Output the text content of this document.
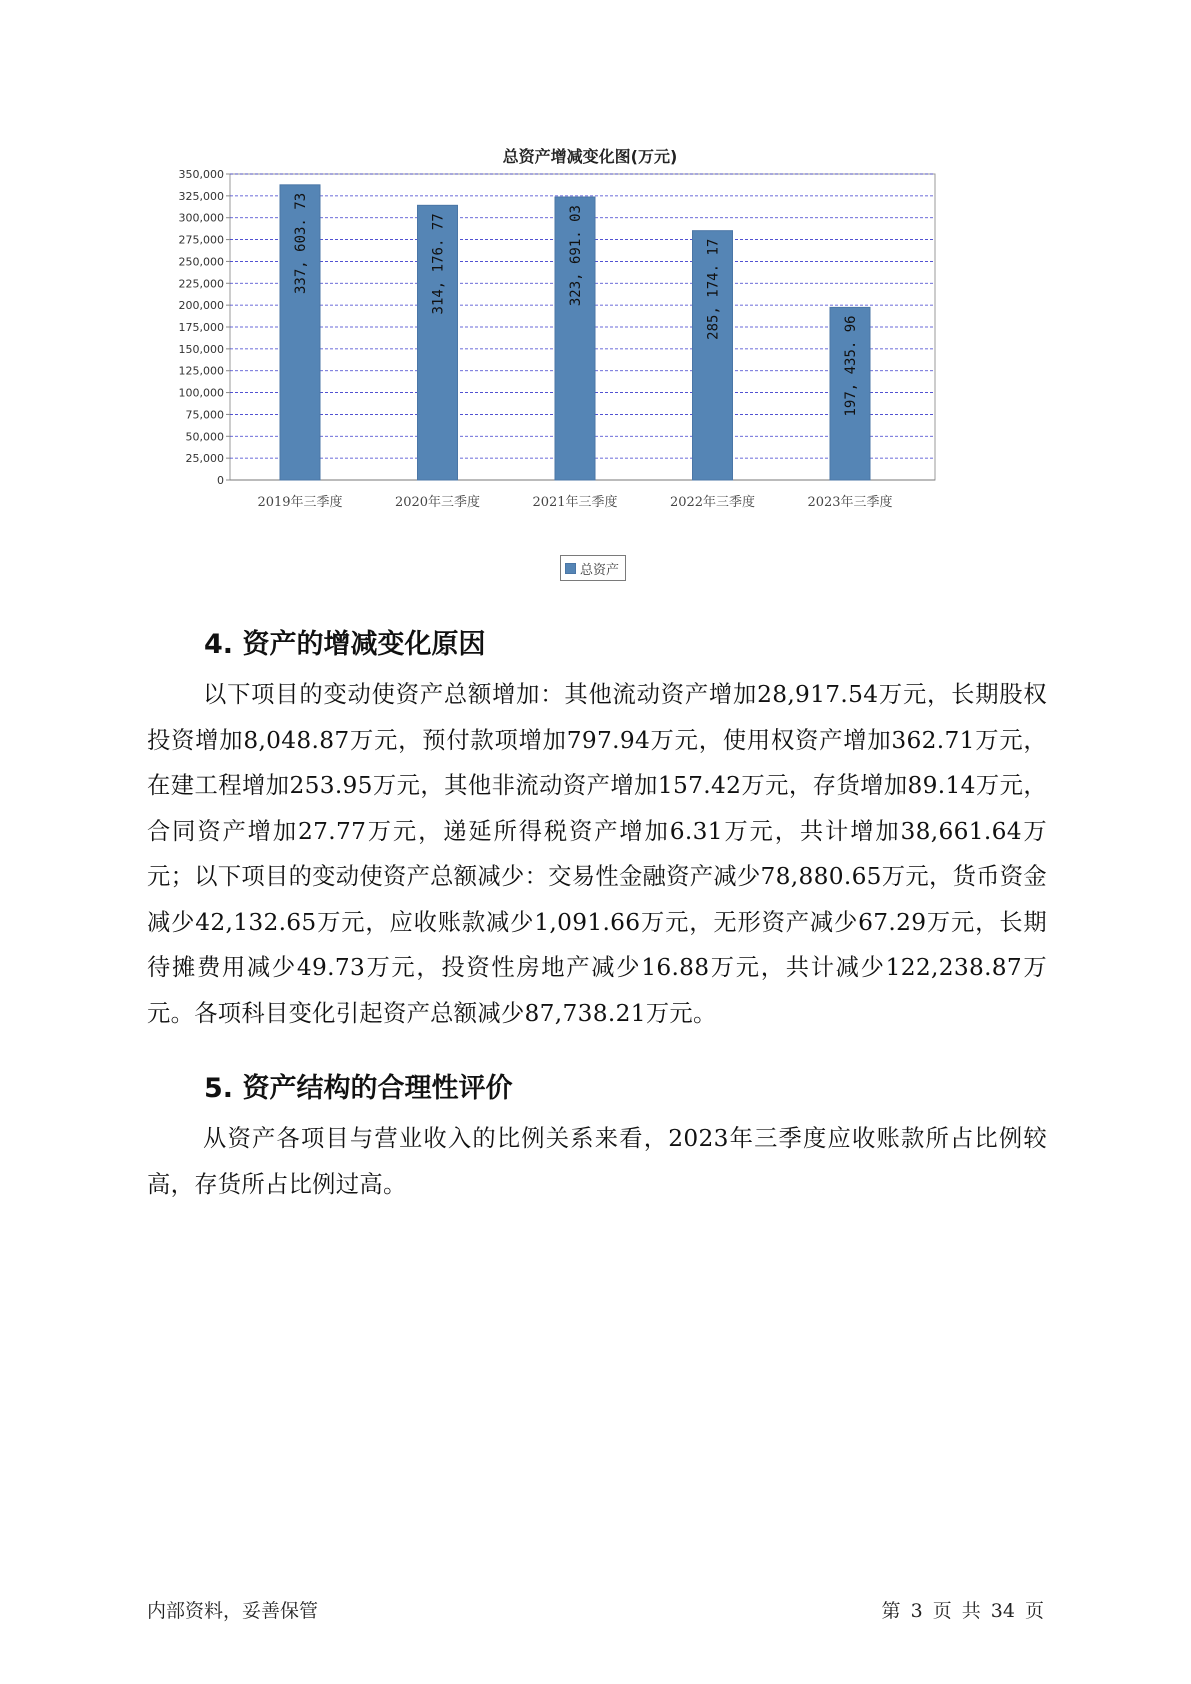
总资产增减变化图(万元)
0
25,000
50,000
75,000
100,000
125,000
150,000
175,000
200,000
225,000
250,000
275,000
300,000
325,000
350,000
337, 603. 73
2019年三季度
314, 176. 77
2020年三季度
323, 691. 03
2021年三季度
285, 174. 17
2022年三季度
197, 435. 96
2023年三季度
总资产
4. 资产的增减变化原因

以下项目的变动使资产总额增加：其他流动资产增加28,917.54万元，长期股权投资增加8,048.87万元，预付款项增加797.94万元，使用权资产增加362.71万元，在建工程增加253.95万元，其他非流动资产增加157.42万元，存货增加89.14万元，合同资产增加27.77万元，递延所得税资产增加6.31万元，共计增加38,661.64万元；以下项目的变动使资产总额减少：交易性金融资产减少78,880.65万元，货币资金减少42,132.65万元，应收账款减少1,091.66万元，无形资产减少67.29万元，长期待摊费用减少49.73万元，投资性房地产减少16.88万元，共计减少122,238.87万元。各项科目变化引起资产总额减少87,738.21万元。

5. 资产结构的合理性评价

从资产各项目与营业收入的比例关系来看，2023年三季度应收账款所占比例较高，存货所占比例过高。

内部资料，妥善保管	第 3 页 共 34 页
